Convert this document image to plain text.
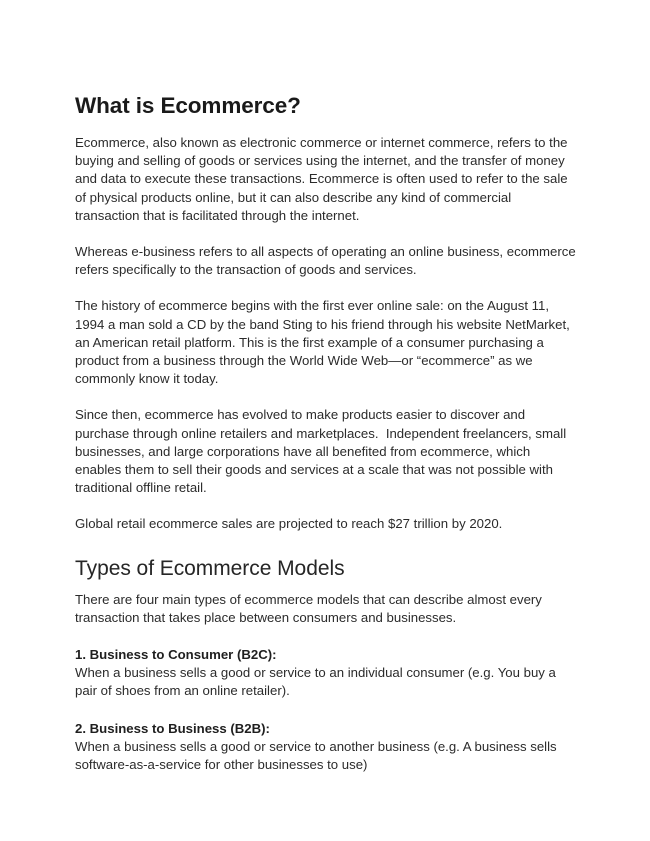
What is Ecommerce?

Ecommerce, also known as electronic commerce or internet commerce, refers to the buying and selling of goods or services using the internet, and the transfer of money and data to execute these transactions. Ecommerce is often used to refer to the sale of physical products online, but it can also describe any kind of commercial transaction that is facilitated through the internet.

Whereas e-business refers to all aspects of operating an online business, ecommerce refers specifically to the transaction of goods and services.

The history of ecommerce begins with the first ever online sale: on the August 11, 1994 a man sold a CD by the band Sting to his friend through his website NetMarket, an American retail platform. This is the first example of a consumer purchasing a product from a business through the World Wide Web—or “ecommerce” as we commonly know it today.

Since then, ecommerce has evolved to make products easier to discover and purchase through online retailers and marketplaces.  Independent freelancers, small businesses, and large corporations have all benefited from ecommerce, which enables them to sell their goods and services at a scale that was not possible with traditional offline retail.

Global retail ecommerce sales are projected to reach $27 trillion by 2020.

Types of Ecommerce Models

There are four main types of ecommerce models that can describe almost every transaction that takes place between consumers and businesses.

1. Business to Consumer (B2C):

When a business sells a good or service to an individual consumer (e.g. You buy a pair of shoes from an online retailer).

2. Business to Business (B2B):

When a business sells a good or service to another business (e.g. A business sells software-as-a-service for other businesses to use)
